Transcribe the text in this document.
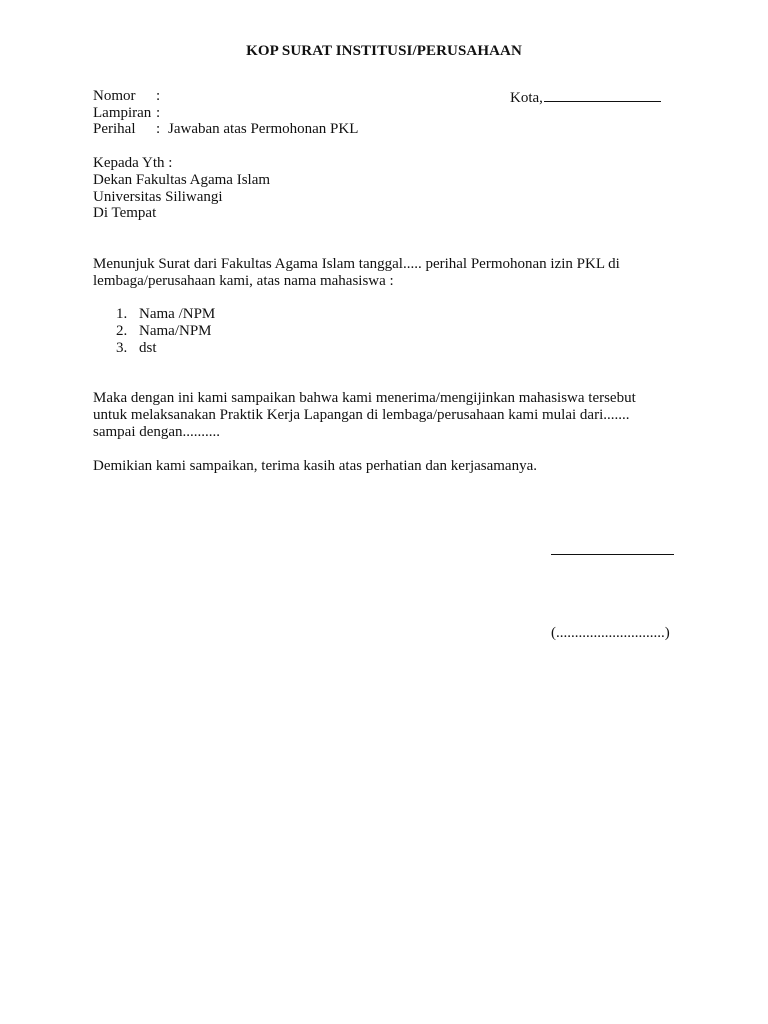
KOP SURAT INSTITUSI/PERUSAHAAN
Nomor :
Lampiran :
Perihal : Jawaban atas Permohonan PKL
Kota,
Kepada Yth :
Dekan Fakultas Agama Islam
Universitas Siliwangi
Di Tempat
Menunjuk Surat dari Fakultas Agama Islam tanggal..... perihal Permohonan izin PKL di
lembaga/perusahaan kami, atas nama mahasiswa :
1. Nama /NPM
2. Nama/NPM
3. dst
Maka dengan ini kami sampaikan bahwa kami menerima/mengijinkan mahasiswa tersebut
untuk melaksanakan Praktik Kerja Lapangan di lembaga/perusahaan kami mulai dari.......
sampai dengan..........
Demikian kami sampaikan, terima kasih atas perhatian dan kerjasamanya.
(.............................)
